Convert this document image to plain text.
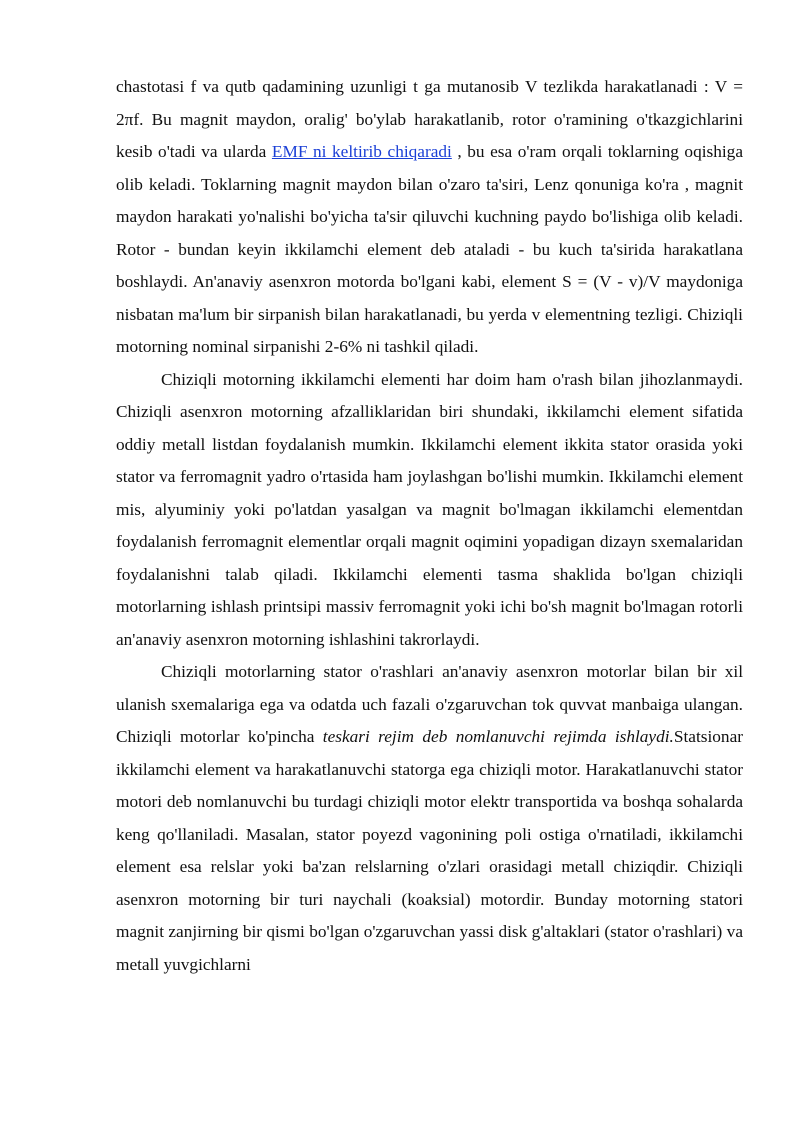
chastotasi f va qutb qadamining uzunligi t ga mutanosib V tezlikda harakatlanadi : V = 2πf. Bu magnit maydon, oralig' bo'ylab harakatlanib, rotor o'ramining o'tkazgichlarini kesib o'tadi va ularda EMF ni keltirib chiqaradi , bu esa o'ram orqali toklarning oqishiga olib keladi. Toklarning magnit maydon bilan o'zaro ta'siri, Lenz qonuniga ko'ra , magnit maydon harakati yo'nalishi bo'yicha ta'sir qiluvchi kuchning paydo bo'lishiga olib keladi. Rotor - bundan keyin ikkilamchi element deb ataladi - bu kuch ta'sirida harakatlana boshlaydi. An'anaviy asenxron motorda bo'lgani kabi, element S = (V - v)/V maydoniga nisbatan ma'lum bir sirpanish bilan harakatlanadi, bu yerda v elementning tezligi. Chiziqli motorning nominal sirpanishi 2-6% ni tashkil qiladi.

Chiziqli motorning ikkilamchi elementi har doim ham o'rash bilan jihozlanmaydi. Chiziqli asenxron motorning afzalliklaridan biri shundaki, ikkilamchi element sifatida oddiy metall listdan foydalanish mumkin. Ikkilamchi element ikkita stator orasida yoki stator va ferromagnit yadro o'rtasida ham joylashgan bo'lishi mumkin. Ikkilamchi element mis, alyuminiy yoki po'latdan yasalgan va magnit bo'lmagan ikkilamchi elementdan foydalanish ferromagnit elementlar orqali magnit oqimini yopadigan dizayn sxemalaridan foydalanishni talab qiladi. Ikkilamchi elementi tasma shaklida bo'lgan chiziqli motorlarning ishlash printsipi massiv ferromagnit yoki ichi bo'sh magnit bo'lmagan rotorli an'anaviy asenxron motorning ishlashini takrorlaydi.

Chiziqli motorlarning stator o'rashlari an'anaviy asenxron motorlar bilan bir xil ulanish sxemalariga ega va odatda uch fazali o'zgaruvchan tok quvvat manbaiga ulangan. Chiziqli motorlar ko'pincha teskari rejim deb nomlanuvchi rejimda ishlaydi.Statsionar ikkilamchi element va harakatlanuvchi statorga ega chiziqli motor. Harakatlanuvchi stator motori deb nomlanuvchi bu turdagi chiziqli motor elektr transportida va boshqa sohalarda keng qo'llaniladi. Masalan, stator poyezd vagonining poli ostiga o'rnatiladi, ikkilamchi element esa relslar yoki ba'zan relslarning o'zlari orasidagi metall chiziqdir. Chiziqli asenxron motorning bir turi naychali (koaksial) motordir. Bunday motorning statori magnit zanjirning bir qismi bo'lgan o'zgaruvchan yassi disk g'altaklari (stator o'rashlari) va metall yuvgichlarni
